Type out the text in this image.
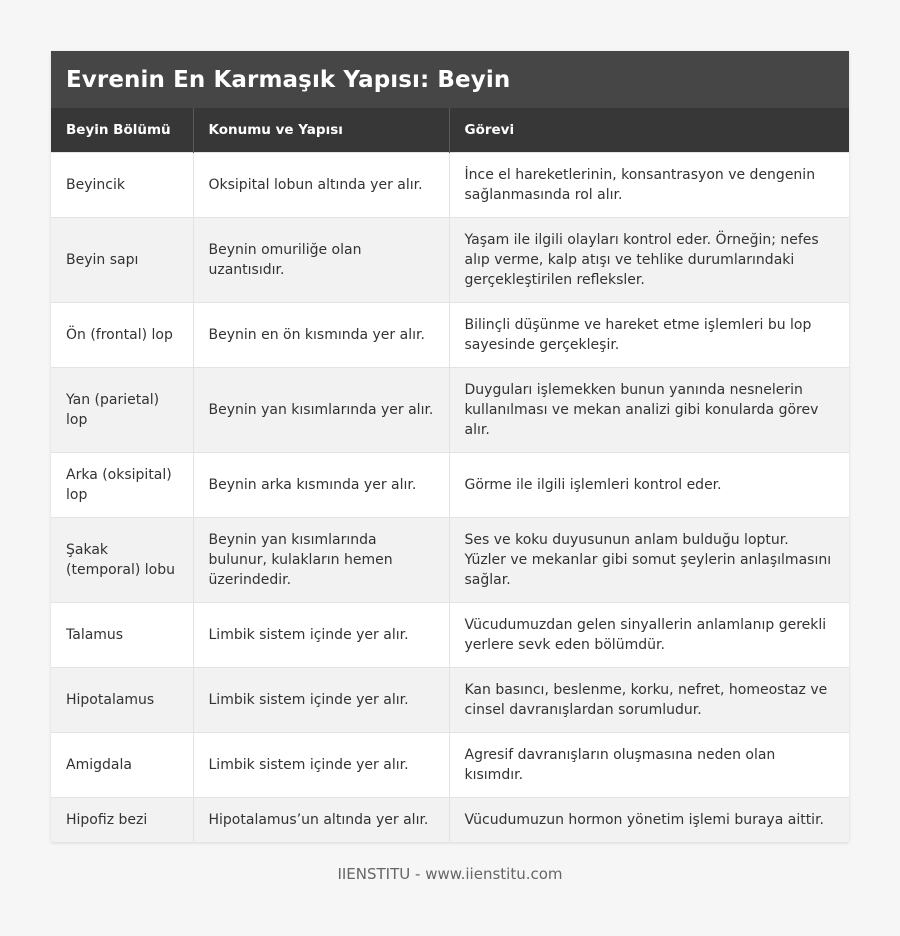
Evrenin En Karmaşık Yapısı: Beyin
Beyin Bölümü	Konumu ve Yapısı	Görevi
Beyincik	Oksipital lobun altında yer alır.	İnce el hareketlerinin, konsantrasyon ve dengenin sağlanmasında rol alır.
Beyin sapı	Beynin omuriliğe olan uzantısıdır.	Yaşam ile ilgili olayları kontrol eder. Örneğin; nefes alıp verme, kalp atışı ve tehlike durumlarındaki gerçekleştirilen refleksler.
Ön (frontal) lop	Beynin en ön kısmında yer alır.	Bilinçli düşünme ve hareket etme işlemleri bu lop sayesinde gerçekleşir.
Yan (parietal) lop	Beynin yan kısımlarında yer alır.	Duyguları işlemekken bunun yanında nesnelerin kullanılması ve mekan analizi gibi konularda görev alır.
Arka (oksipital) lop	Beynin arka kısmında yer alır.	Görme ile ilgili işlemleri kontrol eder.
Şakak (temporal) lobu	Beynin yan kısımlarında bulunur, kulakların hemen üzerindedir.	Ses ve koku duyusunun anlam bulduğu loptur. Yüzler ve mekanlar gibi somut şeylerin anlaşılmasını sağlar.
Talamus	Limbik sistem içinde yer alır.	Vücudumuzdan gelen sinyallerin anlamlanıp gerekli yerlere sevk eden bölümdür.
Hipotalamus	Limbik sistem içinde yer alır.	Kan basıncı, beslenme, korku, nefret, homeostaz ve cinsel davranışlardan sorumludur.
Amigdala	Limbik sistem içinde yer alır.	Agresif davranışların oluşmasına neden olan kısımdır.
Hipofiz bezi	Hipotalamus’un altında yer alır.	Vücudumuzun hormon yönetim işlemi buraya aittir.
IIENSTITU - www.iienstitu.com
